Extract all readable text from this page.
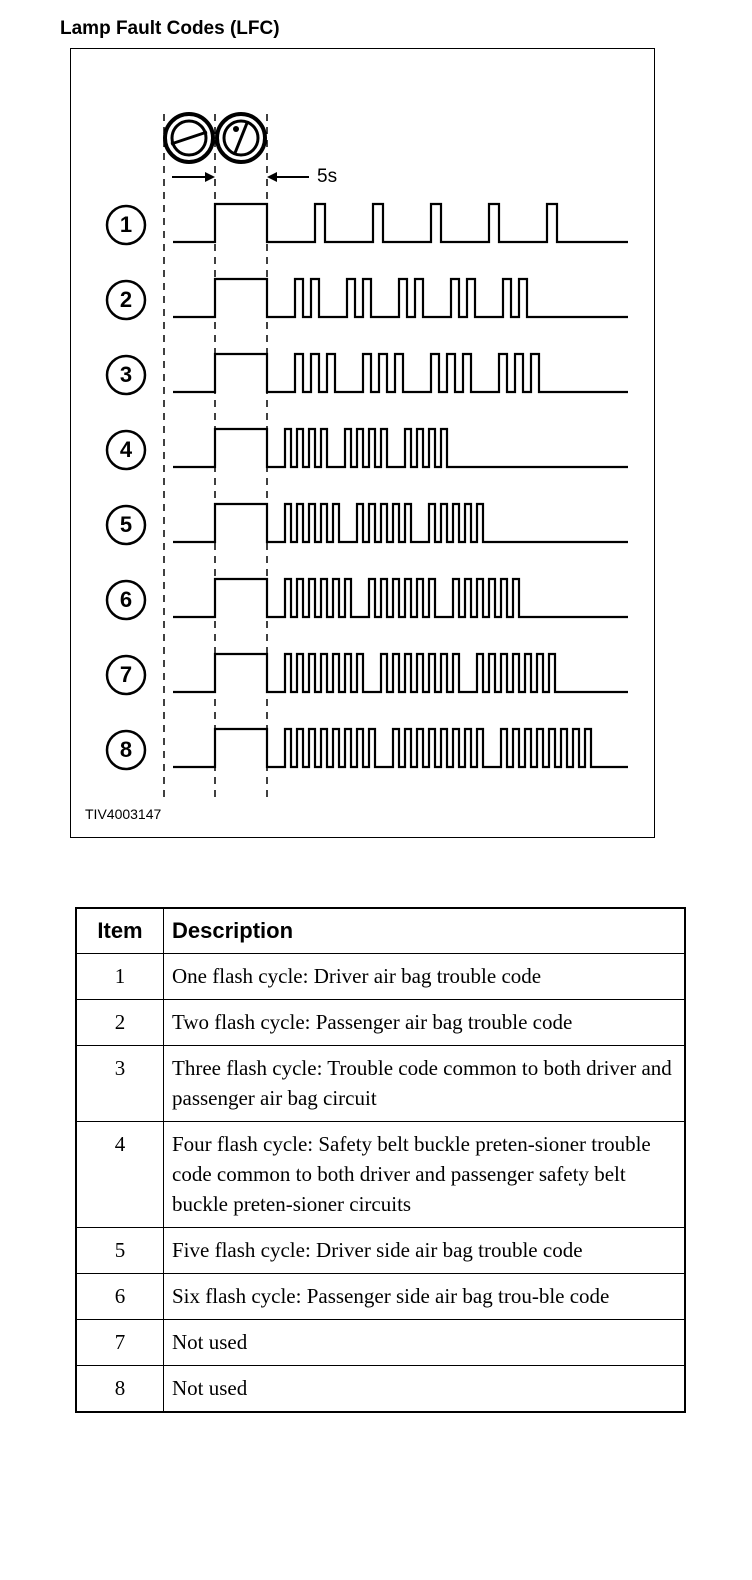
Lamp Fault Codes (LFC)
5s
1
2
3
4
5
6
7
8
TIV4003147
Item	Description
1	One flash cycle: Driver air bag trouble code
2	Two flash cycle: Passenger air bag trouble code
3	Three flash cycle: Trouble code common to both driver and passenger air bag circuit
4	Four flash cycle: Safety belt buckle preten-sioner trouble code common to both driver and passenger safety belt buckle preten-sioner circuits
5	Five flash cycle: Driver side air bag trouble code
6	Six flash cycle: Passenger side air bag trou-ble code
7	Not used
8	Not used
